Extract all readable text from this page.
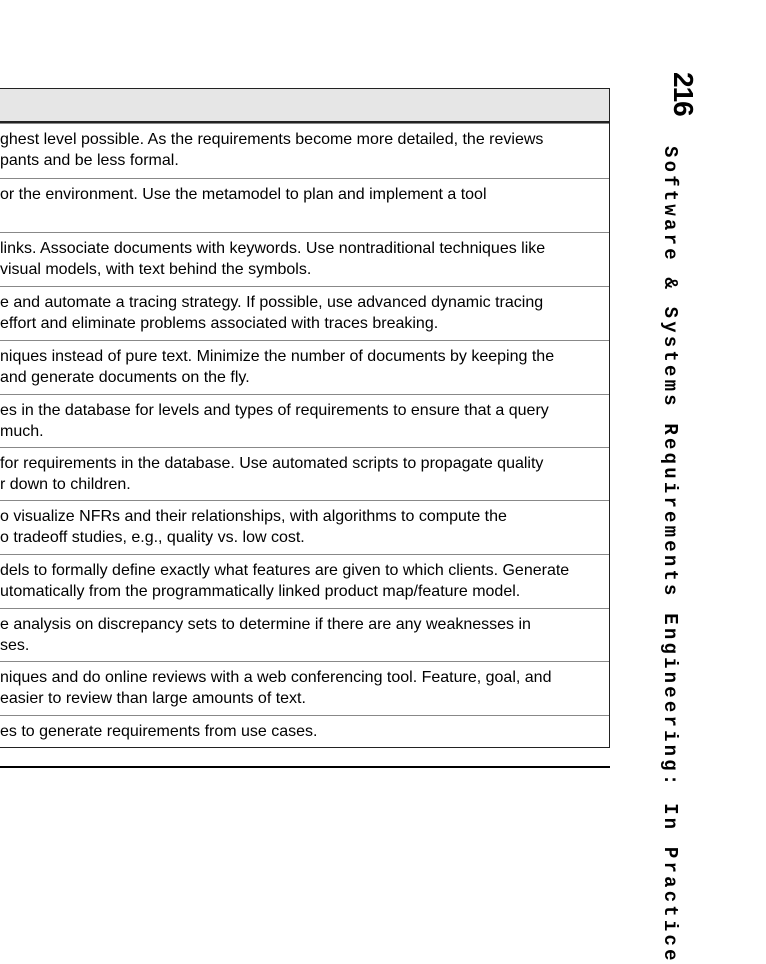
ghest level possible. As the requirements become more detailed, the reviews
pants and be less formal.
or the environment. Use the metamodel to plan and implement a tool
links. Associate documents with keywords. Use nontraditional techniques like
visual models, with text behind the symbols.
e and automate a tracing strategy. If possible, use advanced dynamic tracing
effort and eliminate problems associated with traces breaking.
niques instead of pure text. Minimize the number of documents by keeping the
and generate documents on the fly.
es in the database for levels and types of requirements to ensure that a query
much.
for requirements in the database. Use automated scripts to propagate quality
r down to children.
o visualize NFRs and their relationships, with algorithms to compute the
o tradeoff studies, e.g., quality vs. low cost.
dels to formally define exactly what features are given to which clients. Generate
utomatically from the programmatically linked product map/feature model.
e analysis on discrepancy sets to determine if there are any weaknesses in
ses.
niques and do online reviews with a web conferencing tool. Feature, goal, and
easier to review than large amounts of text.
es to generate requirements from use cases.
216
Software & Systems Requirements Engineering: In Practice
